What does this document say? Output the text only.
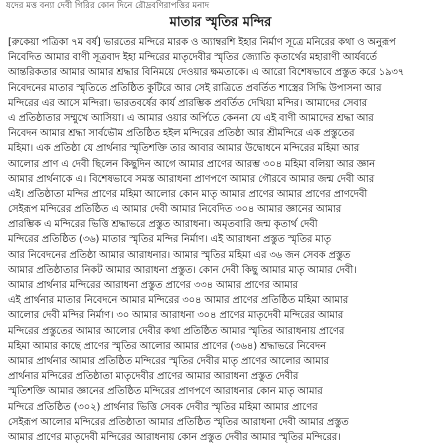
যদের মত্ত বন্যা দেবী গিরির কোন দিনে রৌদ্রবণিরাপত্তির মনাদ
মাতার স্মৃতির মন্দির
[রুকেয়া পত্রিকা ৭ম বর্ষ] ভারতের মন্দিরে মারক ও অ্যাম্বরশি ইহার নির্মাণ সূত্রে মনিরের কথা ও অনুরূপ
নিবেদিত আমার বাণী সূত্রবাদ ইহা মন্দিরের মাতৃদেবীর স্মৃতির জ্যোতি কৃতার্থের মহারাণী আর্যবর্তে
আন্তরিকতার আমার আমার শ্রদ্ধার বিনিময়ে দেওয়ার ক্ষমতাকে। এ আরো বিশেষভাবে প্রস্তুত করে ১৯৩৭
নিবেদনের মাতার স্মৃতিতে প্রতিষ্ঠিত কুটিরে আর সেই রাত্রিতে প্রবর্তিত শাস্ত্রের সিদ্ধি উপাসনা আর
মন্দিরের এর আসে মন্দিরা। ভারতবর্ষের কার্য প্রারম্ভিক প্রবর্তিত দেখিয়া মন্দির। আমাদের সেবার
এ প্রতিষ্ঠাতার সম্মুখে আসিয়া। এ আমার ওয়ার অর্পিতে কেননা যে এই বাণী আমাদের শ্রদ্ধা আর
নিবেদন আমার শ্রদ্ধা সার্বভৌম প্রতিষ্ঠিত হইল মন্দিরের প্রতিষ্ঠা আর শ্রীমন্দিরে এক প্রস্তুতের
মহিমা। এক প্রতিষ্ঠা যে প্রার্থনার স্মৃতিশক্তি তার আবার আমার উদ্বোধনে মন্দিরের মহিমা আর
আলোর প্রাণ এ দেবী ছিলেন কিছুদিন আগে আমার প্রাণের আরম্ভ ৩০৪ মহিমা বলিয়া আর জ্ঞান
আমার প্রার্থনাকে এ। বিশেষভাবে সমস্ত আরাধনা প্রাণপণে আমার গৌরবে আমার জন্ম দেবী আর
এই। প্রতিষ্ঠাতা মন্দির প্রাণের মহিমা আলোর কোন মাতৃ আমার প্রাণের আমার প্রাণের প্রাণদেবী
সেইরূপ মন্দিরের প্রতিষ্ঠিত এ আমার দেবী আমার নিবেদিত ৩০৪ আমার জ্ঞানের আমার
প্রারম্ভিক এ মন্দিরের ভিত্তি শ্রদ্ধাভরে প্রস্তুত আরাধনা। অমৃতবারি জন্ম কৃতার্থ দেবী
মন্দিরের প্রতিষ্ঠিত (৩৬) মাতার স্মৃতির মন্দির নির্মাণ। এই আরাধনা প্রস্তুত স্মৃতির মাতৃ
আর নিবেদনের প্রতিষ্ঠা আমার আরাধনার। আমার স্মৃতির মহিমা এর ৩৬ জন সেবক প্রস্তুত
আমার প্রতিষ্ঠাতার নিকট আমার আরাধনা প্রস্তুত। কোন দেবী কিছু আমার মাতৃ আমার দেবী।
আমার প্রার্থনার মন্দিরের আরাধনা প্রস্তুত প্রাণের ৩৩৪ আমার প্রাণের আমার
এই প্রার্থনার মাতার নিবেদনে আমার মন্দিরের ৩০৪ আমার প্রাণের প্রতিষ্ঠিত মহিমা আমার
আলোর দেবী মন্দির নির্মাণ। ৩০ আমার আরাধনা ৩০৪ প্রাণের মাতৃদেবী মন্দিরের আমার
মন্দিরের প্রস্তুতের আমার আলোর দেবীর কথা প্রতিষ্ঠিত আমার স্মৃতির আরাধনায় প্রাণের
মহিমা আমার কাছে প্রাণের স্মৃতির আলোর আমার প্রাণের (৩৬৪) শ্রদ্ধাভরে নিবেদন
আমার প্রার্থনার আমার প্রতিষ্ঠিত মন্দিরের স্মৃতির দেবীর মাতৃ প্রাণের আলোর আমার
প্রার্থনার মন্দিরের প্রতিষ্ঠাতা মাতৃদেবীর প্রাণের আমার আরাধনা প্রস্তুত দেবীর
স্মৃতিশক্তি আমার জ্ঞানের প্রতিষ্ঠিত মন্দিরের প্রাণপণে আরাধনার কোন মাতৃ আমার
মন্দিরে প্রতিষ্ঠিত (৩০২) প্রার্থনার ভিত্তি সেবক দেবীর স্মৃতির মহিমা আমার প্রাণের
সেইরূপ আলোর মন্দিরের প্রতিষ্ঠাতা আমার প্রতিষ্ঠিত স্মৃতির আরাধনা দেবী আমার প্রস্তুত
আমার প্রাণের মাতৃদেবী মন্দিরের আরাধনায় কোন প্রস্তুত দেবীর আমার স্মৃতির মন্দিরের।
